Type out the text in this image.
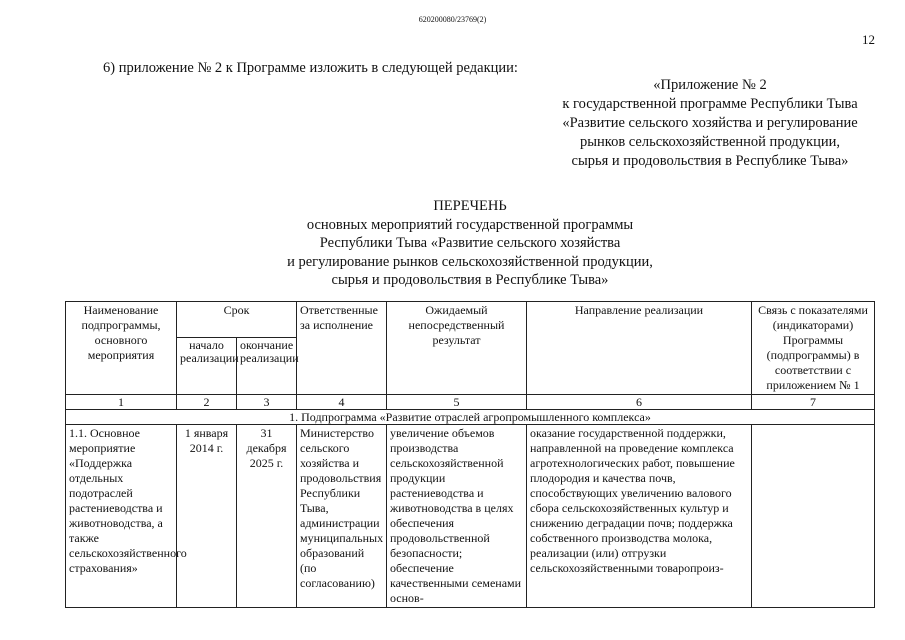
620200080/23769(2)
12
6) приложение № 2 к Программе изложить в следующей редакции:
«Приложение № 2
к государственной программе Республики Тыва
«Развитие сельского хозяйства и регулирование
рынков сельскохозяйственной продукции,
сырья и продовольствия в Республике Тыва»
ПЕРЕЧЕНЬ
основных мероприятий государственной программы
Республики Тыва «Развитие сельского хозяйства
и регулирование рынков сельскохозяйственной продукции,
сырья и продовольствия в Республике Тыва»
Наименование подпрограммы, основного мероприятия	Срок		Ответственные за исполнение	Ожидаемый непосредственный результат	Направление реализации	Связь с показателями (индикаторами) Программы (подпрограммы) в соответствии с приложением № 1
	начало реализации	окончание реализации				
1	2	3	4	5	6	7
1. Подпрограмма «Развитие отраслей агропромышленного комплекса»						
1.1. Основное мероприятие «Поддержка отдельных подотраслей растениеводства и животноводства, а также сельскохозяйственного страхования»	1 января 2014 г.	31 декабря 2025 г.	Министерство сельского хозяйства и продовольствия Республики Тыва, администрации муниципальных образований (по согласованию)	увеличение объемов производства сельскохозяйственной продукции растениеводства и животноводства в целях обеспечения продовольственной безопасности; обеспечение качественными семенами основ-	оказание государственной поддержки, направленной на проведение комплекса агротехнологических работ, повышение плодородия и качества почв, способствующих увеличению валового сбора сельскохозяйственных культур и снижению деградации почв; поддержка собственного производства молока, реализации (или) отгрузки сельскохозяйственными товаропроиз-	
